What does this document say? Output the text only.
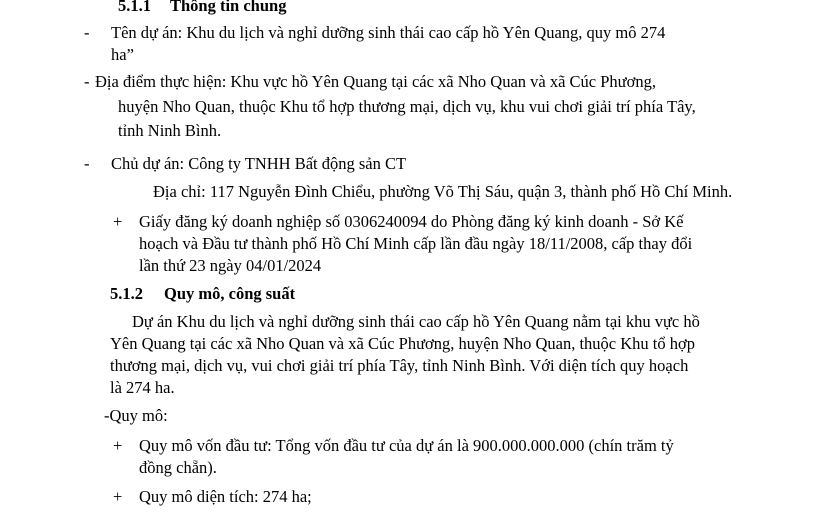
5.1.1 Thông tin chung
- Tên dự án: Khu du lịch và nghỉ dưỡng sinh thái cao cấp hồ Yên Quang, quy mô 274
ha”
- Địa điểm thực hiện: Khu vực hồ Yên Quang tại các xã Nho Quan và xã Cúc Phương,
huyện Nho Quan, thuộc Khu tổ hợp thương mại, dịch vụ, khu vui chơi giải trí phía Tây,
tỉnh Ninh Bình.
- Chủ dự án: Công ty TNHH Bất động sản CT
Địa chỉ: 117 Nguyễn Đình Chiểu, phường Võ Thị Sáu, quận 3, thành phố Hồ Chí Minh.
+ Giấy đăng ký doanh nghiệp số 0306240094 do Phòng đăng ký kinh doanh - Sở Kế
hoạch và Đầu tư thành phố Hồ Chí Minh cấp lần đầu ngày 18/11/2008, cấp thay đổi
lần thứ 23 ngày 04/01/2024
5.1.2 Quy mô, công suất
Dự án Khu du lịch và nghỉ dưỡng sinh thái cao cấp hồ Yên Quang nằm tại khu vực hồ
Yên Quang tại các xã Nho Quan và xã Cúc Phương, huyện Nho Quan, thuộc Khu tổ hợp
thương mại, dịch vụ, vui chơi giải trí phía Tây, tỉnh Ninh Bình. Với diện tích quy hoạch
là 274 ha.
-Quy mô:
+ Quy mô vốn đầu tư: Tổng vốn đầu tư của dự án là 900.000.000.000 (chín trăm tỷ
đồng chẵn).
+ Quy mô diện tích: 274 ha;
